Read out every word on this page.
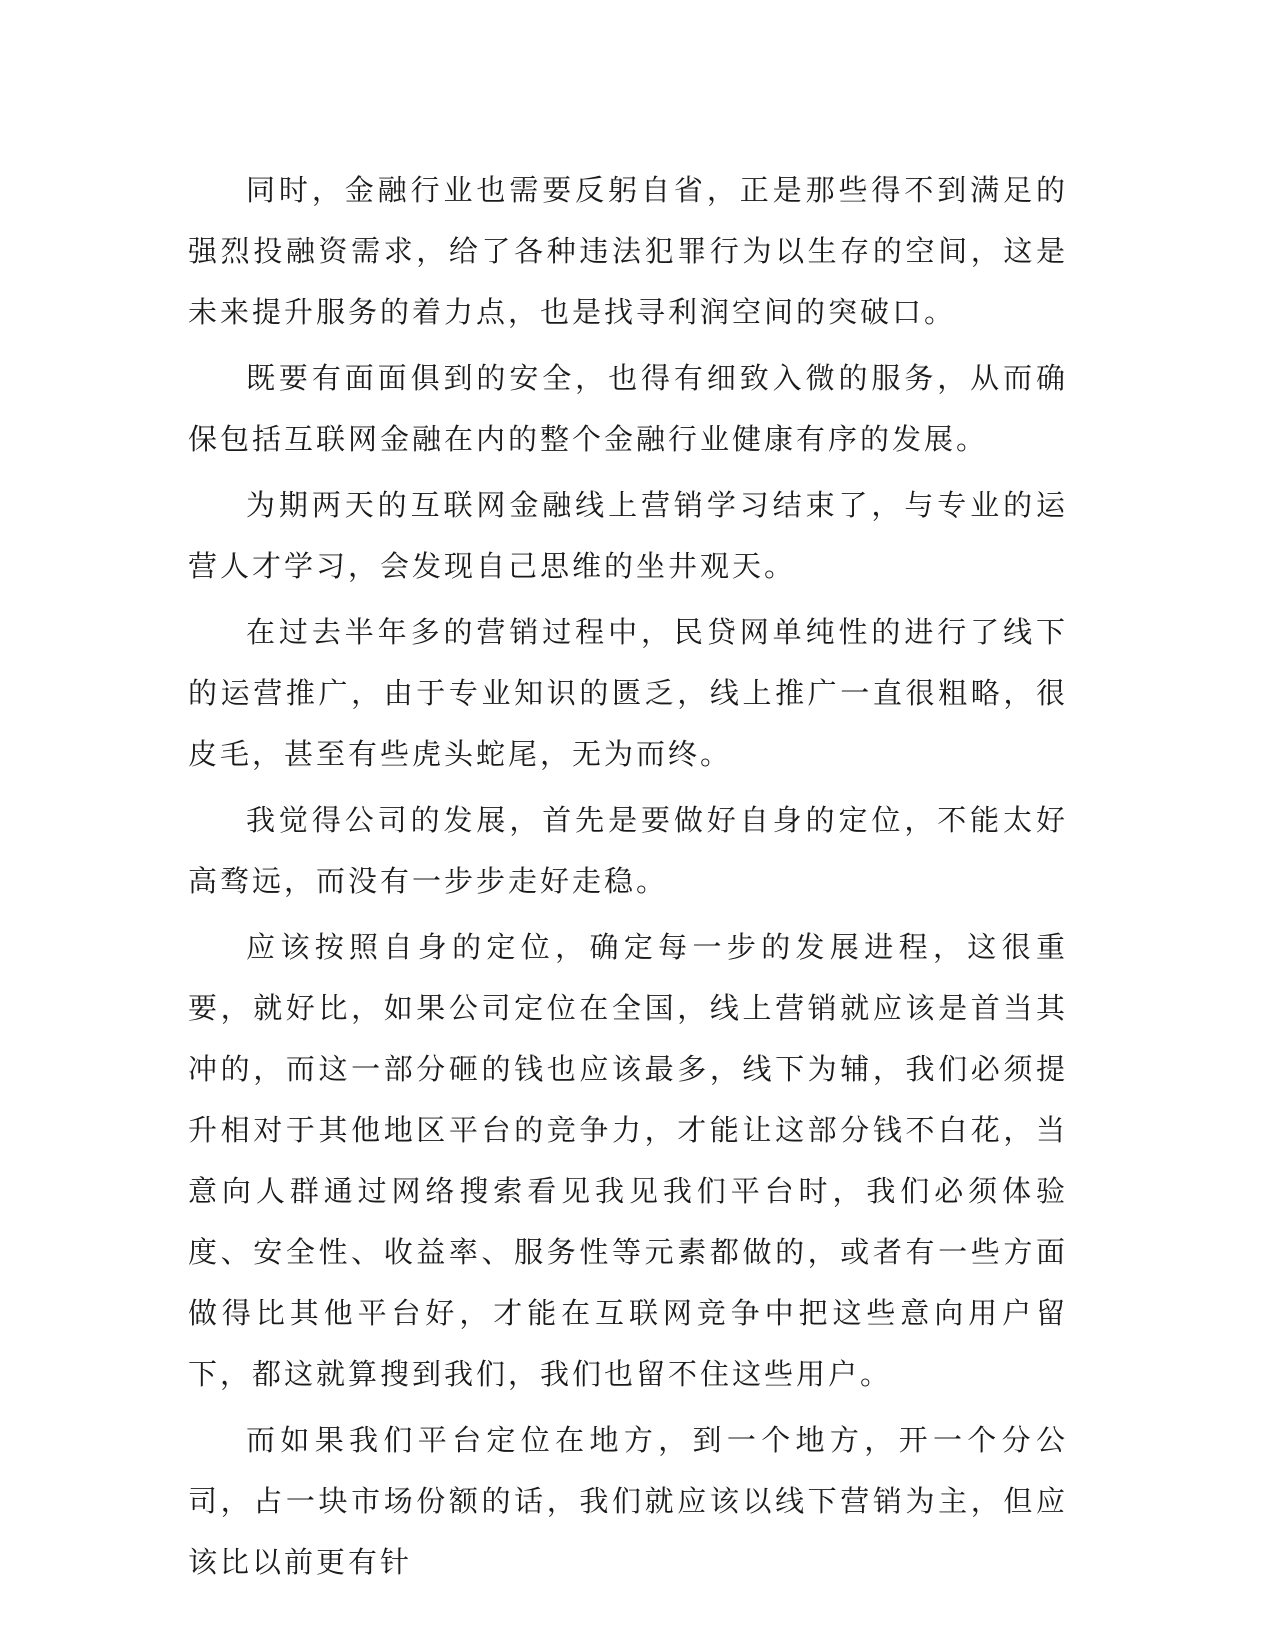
同时，金融行业也需要反躬自省，正是那些得不到满足的强烈投融资需求，给了各种违法犯罪行为以生存的空间，这是未来提升服务的着力点，也是找寻利润空间的突破口。

既要有面面俱到的安全，也得有细致入微的服务，从而确保包括互联网金融在内的整个金融行业健康有序的发展。

为期两天的互联网金融线上营销学习结束了，与专业的运营人才学习，会发现自己思维的坐井观天。

在过去半年多的营销过程中，民贷网单纯性的进行了线下的运营推广，由于专业知识的匮乏，线上推广一直很粗略，很皮毛，甚至有些虎头蛇尾，无为而终。

我觉得公司的发展，首先是要做好自身的定位，不能太好高骛远，而没有一步步走好走稳。

应该按照自身的定位，确定每一步的发展进程，这很重要，就好比，如果公司定位在全国，线上营销就应该是首当其冲的，而这一部分砸的钱也应该最多，线下为辅，我们必须提升相对于其他地区平台的竞争力，才能让这部分钱不白花，当意向人群通过网络搜索看见我见我们平台时，我们必须体验度、安全性、收益率、服务性等元素都做的，或者有一些方面做得比其他平台好，才能在互联网竞争中把这些意向用户留下，都这就算搜到我们，我们也留不住这些用户。

而如果我们平台定位在地方，到一个地方，开一个分公司，占一块市场份额的话，我们就应该以线下营销为主，但应该比以前更有针
